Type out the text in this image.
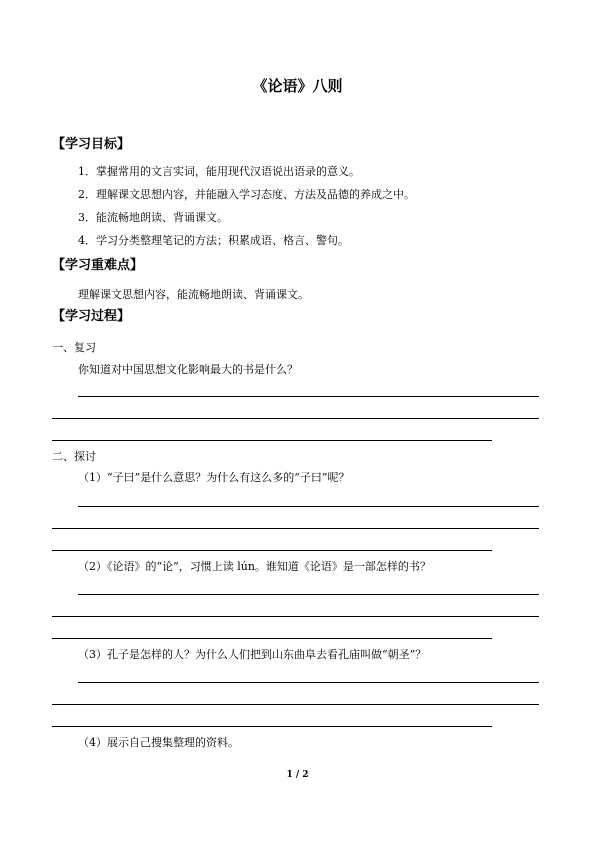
《论语》八则
【学习目标】
1．掌握常用的文言实词，能用现代汉语说出语录的意义。
2．理解课文思想内容，并能融入学习态度、方法及品德的养成之中。
3．能流畅地朗读、背诵课文。
4．学习分类整理笔记的方法；积累成语、格言、警句。
【学习重难点】
理解课文思想内容，能流畅地朗读、背诵课文。
【学习过程】
一、复习
你知道对中国思想文化影响最大的书是什么？
二、探讨
（1）“子曰”是什么意思？为什么有这么多的“子曰”呢？
（2）《论语》的“论”，习惯上读 lún。谁知道《论语》是一部怎样的书？
（3）孔子是怎样的人？为什么人们把到山东曲阜去看孔庙叫做“朝圣”？
（4）展示自己搜集整理的资料。
1 / 2
